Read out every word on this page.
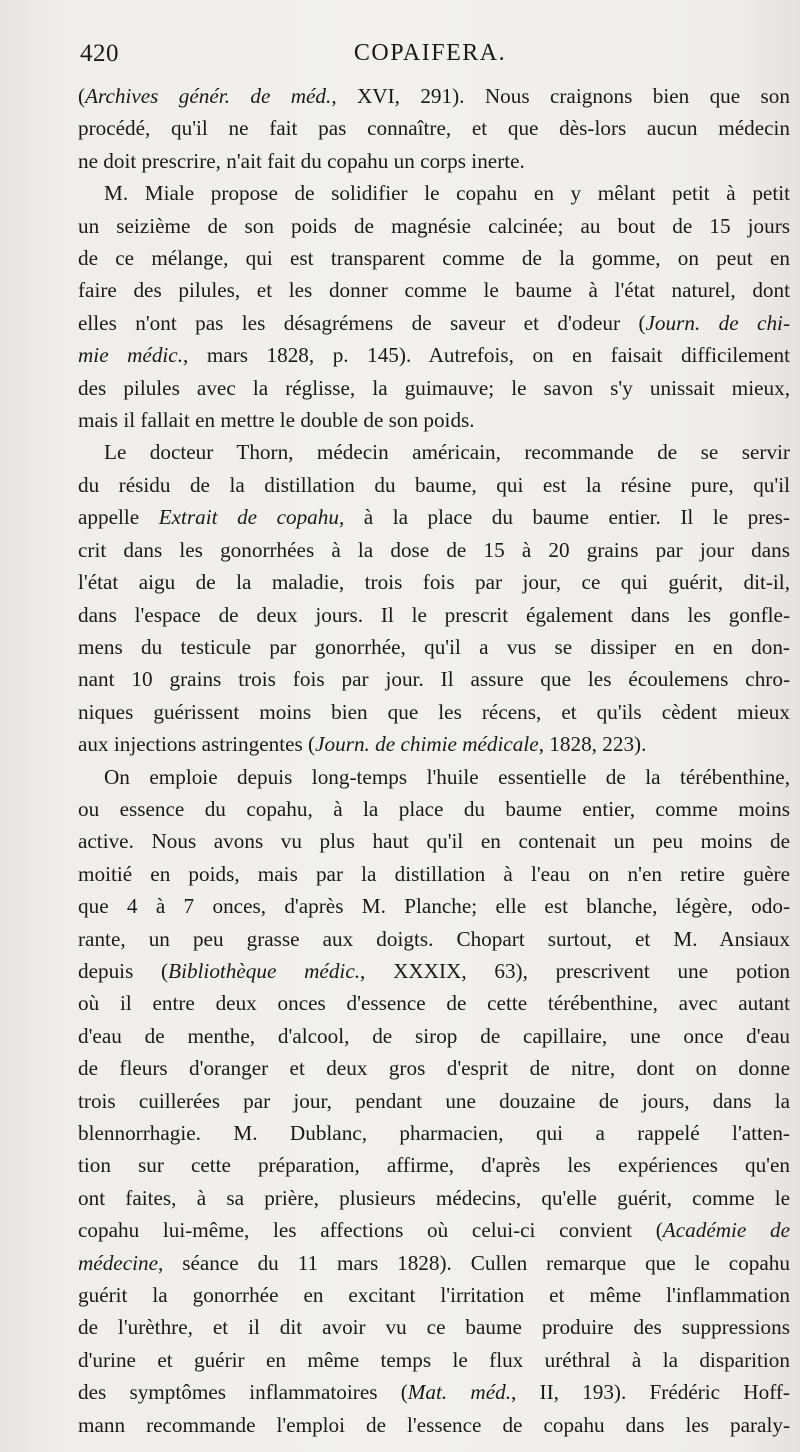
420	COPAIFERA.
(Archives génér. de méd., XVI, 291). Nous craignons bien que son
procédé, qu'il ne fait pas connaître, et que dès-lors aucun médecin
ne doit prescrire, n'ait fait du copahu un corps inerte.
M. Miale propose de solidifier le copahu en y mêlant petit à petit
un seizième de son poids de magnésie calcinée; au bout de 15 jours
de ce mélange, qui est transparent comme de la gomme, on peut en
faire des pilules, et les donner comme le baume à l'état naturel, dont
elles n'ont pas les désagrémens de saveur et d'odeur (Journ. de chi-
mie médic., mars 1828, p. 145). Autrefois, on en faisait difficilement
des pilules avec la réglisse, la guimauve; le savon s'y unissait mieux,
mais il fallait en mettre le double de son poids.
Le docteur Thorn, médecin américain, recommande de se servir
du résidu de la distillation du baume, qui est la résine pure, qu'il
appelle Extrait de copahu, à la place du baume entier. Il le pres-
crit dans les gonorrhées à la dose de 15 à 20 grains par jour dans
l'état aigu de la maladie, trois fois par jour, ce qui guérit, dit-il,
dans l'espace de deux jours. Il le prescrit également dans les gonfle-
mens du testicule par gonorrhée, qu'il a vus se dissiper en en don-
nant 10 grains trois fois par jour. Il assure que les écoulemens chro-
niques guérissent moins bien que les récens, et qu'ils cèdent mieux
aux injections astringentes (Journ. de chimie médicale, 1828, 223).
On emploie depuis long-temps l'huile essentielle de la térébenthine,
ou essence du copahu, à la place du baume entier, comme moins
active. Nous avons vu plus haut qu'il en contenait un peu moins de
moitié en poids, mais par la distillation à l'eau on n'en retire guère
que 4 à 7 onces, d'après M. Planche; elle est blanche, légère, odo-
rante, un peu grasse aux doigts. Chopart surtout, et M. Ansiaux
depuis (Bibliothèque médic., XXXIX, 63), prescrivent une potion
où il entre deux onces d'essence de cette térébenthine, avec autant
d'eau de menthe, d'alcool, de sirop de capillaire, une once d'eau
de fleurs d'oranger et deux gros d'esprit de nitre, dont on donne
trois cuillerées par jour, pendant une douzaine de jours, dans la
blennorrhagie. M. Dublanc, pharmacien, qui a rappelé l'atten-
tion sur cette préparation, affirme, d'après les expériences qu'en
ont faites, à sa prière, plusieurs médecins, qu'elle guérit, comme le
copahu lui-même, les affections où celui-ci convient (Académie de
médecine, séance du 11 mars 1828). Cullen remarque que le copahu
guérit la gonorrhée en excitant l'irritation et même l'inflammation
de l'urèthre, et il dit avoir vu ce baume produire des suppressions
d'urine et guérir en même temps le flux uréthral à la disparition
des symptômes inflammatoires (Mat. méd., II, 193). Frédéric Hoff-
mann recommande l'emploi de l'essence de copahu dans les paraly-
